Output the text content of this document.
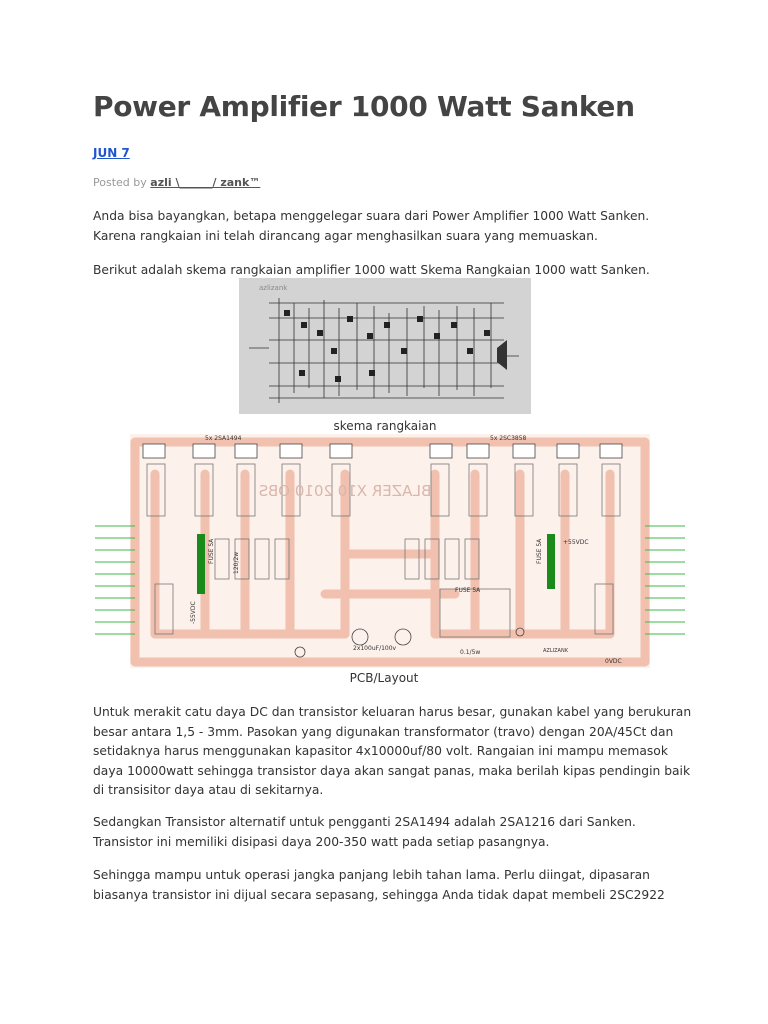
Power Amplifier 1000 Watt Sanken
JUN 7
Posted by azli \______/ zank™

Anda bisa bayangkan, betapa menggelegar suara dari Power Amplifier 1000 Watt Sanken. Karena rangkaian ini telah dirancang agar menghasilkan suara yang memuaskan.

Berikut adalah skema rangkaian amplifier 1000 watt Skema Rangkaian 1000 watt Sanken.

azlizank
skema rangkaian
5x 2SA1494	5x 2SC3858
BLAZER X10 2010 OBS
FUSE 5A	FUSE 5A
120/2w
FUSE 5A
2x100uF/100v
0.1/5w	AZLIZANK
-55VDC
+55VDC
0VDC
PCB/Layout

Untuk merakit catu daya DC dan transistor keluaran harus besar, gunakan kabel yang berukuran besar antara 1,5 - 3mm. Pasokan yang digunakan transformator (travo) dengan 20A/45Ct dan setidaknya harus menggunakan kapasitor 4x10000uf/80 volt. Rangaian ini mampu memasok daya 10000watt sehingga transistor daya akan sangat panas, maka berilah kipas pendingin baik di transisitor daya atau di sekitarnya.

Sedangkan Transistor alternatif untuk pengganti 2SA1494 adalah 2SA1216 dari Sanken. Transistor ini memiliki disipasi daya 200-350 watt pada setiap pasangnya.

Sehingga mampu untuk operasi jangka panjang lebih tahan lama. Perlu diingat, dipasaran biasanya transistor ini dijual secara sepasang, sehingga Anda tidak dapat membeli 2SC2922
